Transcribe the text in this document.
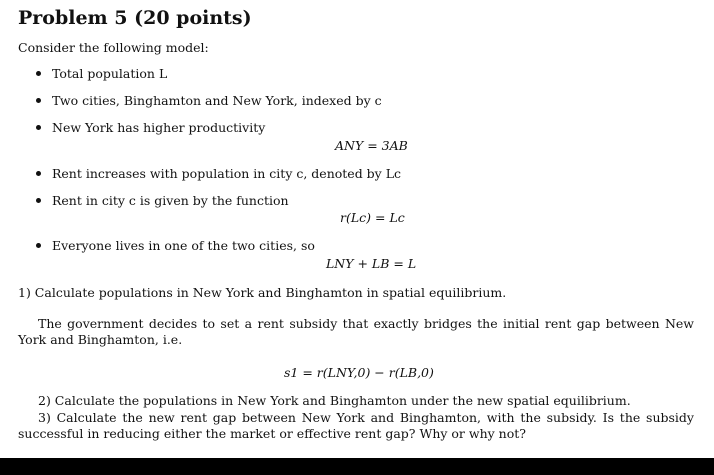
Problem 5 (20 points)
Consider the following model:
Total population L
Two cities, Binghamton and New York, indexed by c
New York has higher productivity
ANY = 3AB
Rent increases with population in city c, denoted by Lc
Rent in city c is given by the function
r(Lc) = Lc
Everyone lives in one of the two cities, so
LNY + LB = L
1) Calculate populations in New York and Binghamton in spatial equilibrium.
The government decides to set a rent subsidy that exactly bridges the initial rent gap between New York and Binghamton, i.e.
s1 = r(LNY,0) − r(LB,0)
2) Calculate the populations in New York and Binghamton under the new spatial equilibrium.
3) Calculate the new rent gap between New York and Binghamton, with the subsidy. Is the subsidy successful in reducing either the market or effective rent gap? Why or why not?
